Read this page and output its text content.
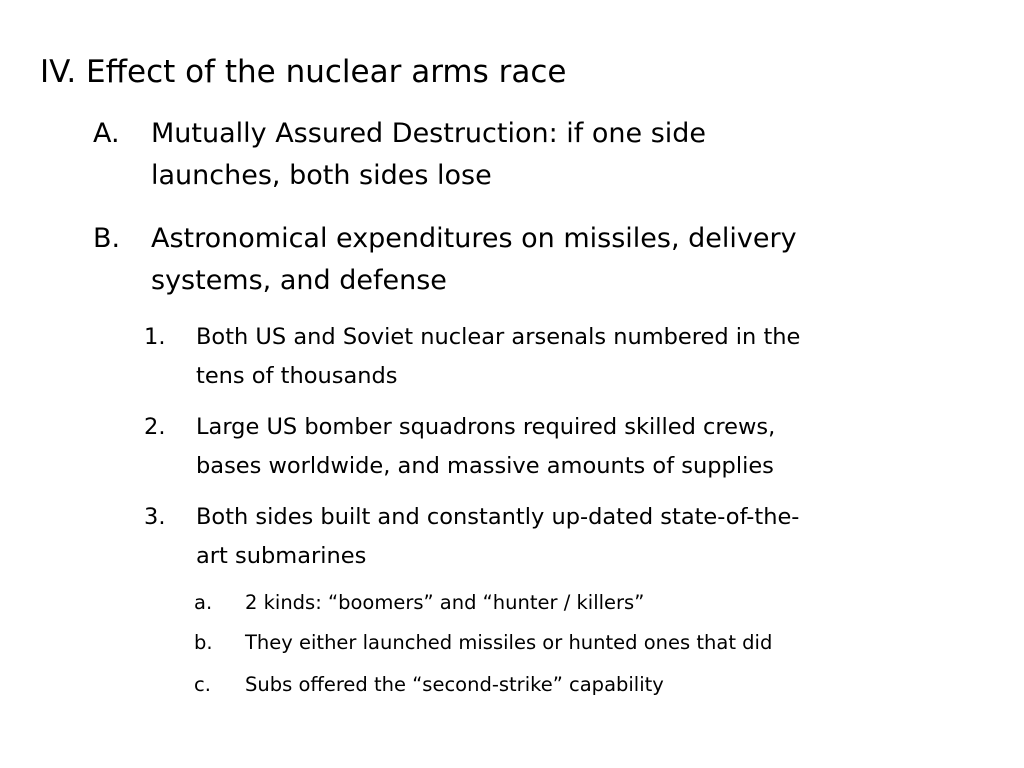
IV. Effect of the nuclear arms race
A.	Mutually Assured Destruction: if one side
launches, both sides lose
B.	Astronomical expenditures on missiles, delivery
systems, and defense
1.	Both US and Soviet nuclear arsenals numbered in the
tens of thousands
2.	Large US bomber squadrons required skilled crews,
bases worldwide, and massive amounts of supplies
3.	Both sides built and constantly up-dated state-of-the-
art submarines
a.	2 kinds: “boomers” and “hunter / killers”
b.	They either launched missiles or hunted ones that did
c.	Subs offered the “second-strike” capability
